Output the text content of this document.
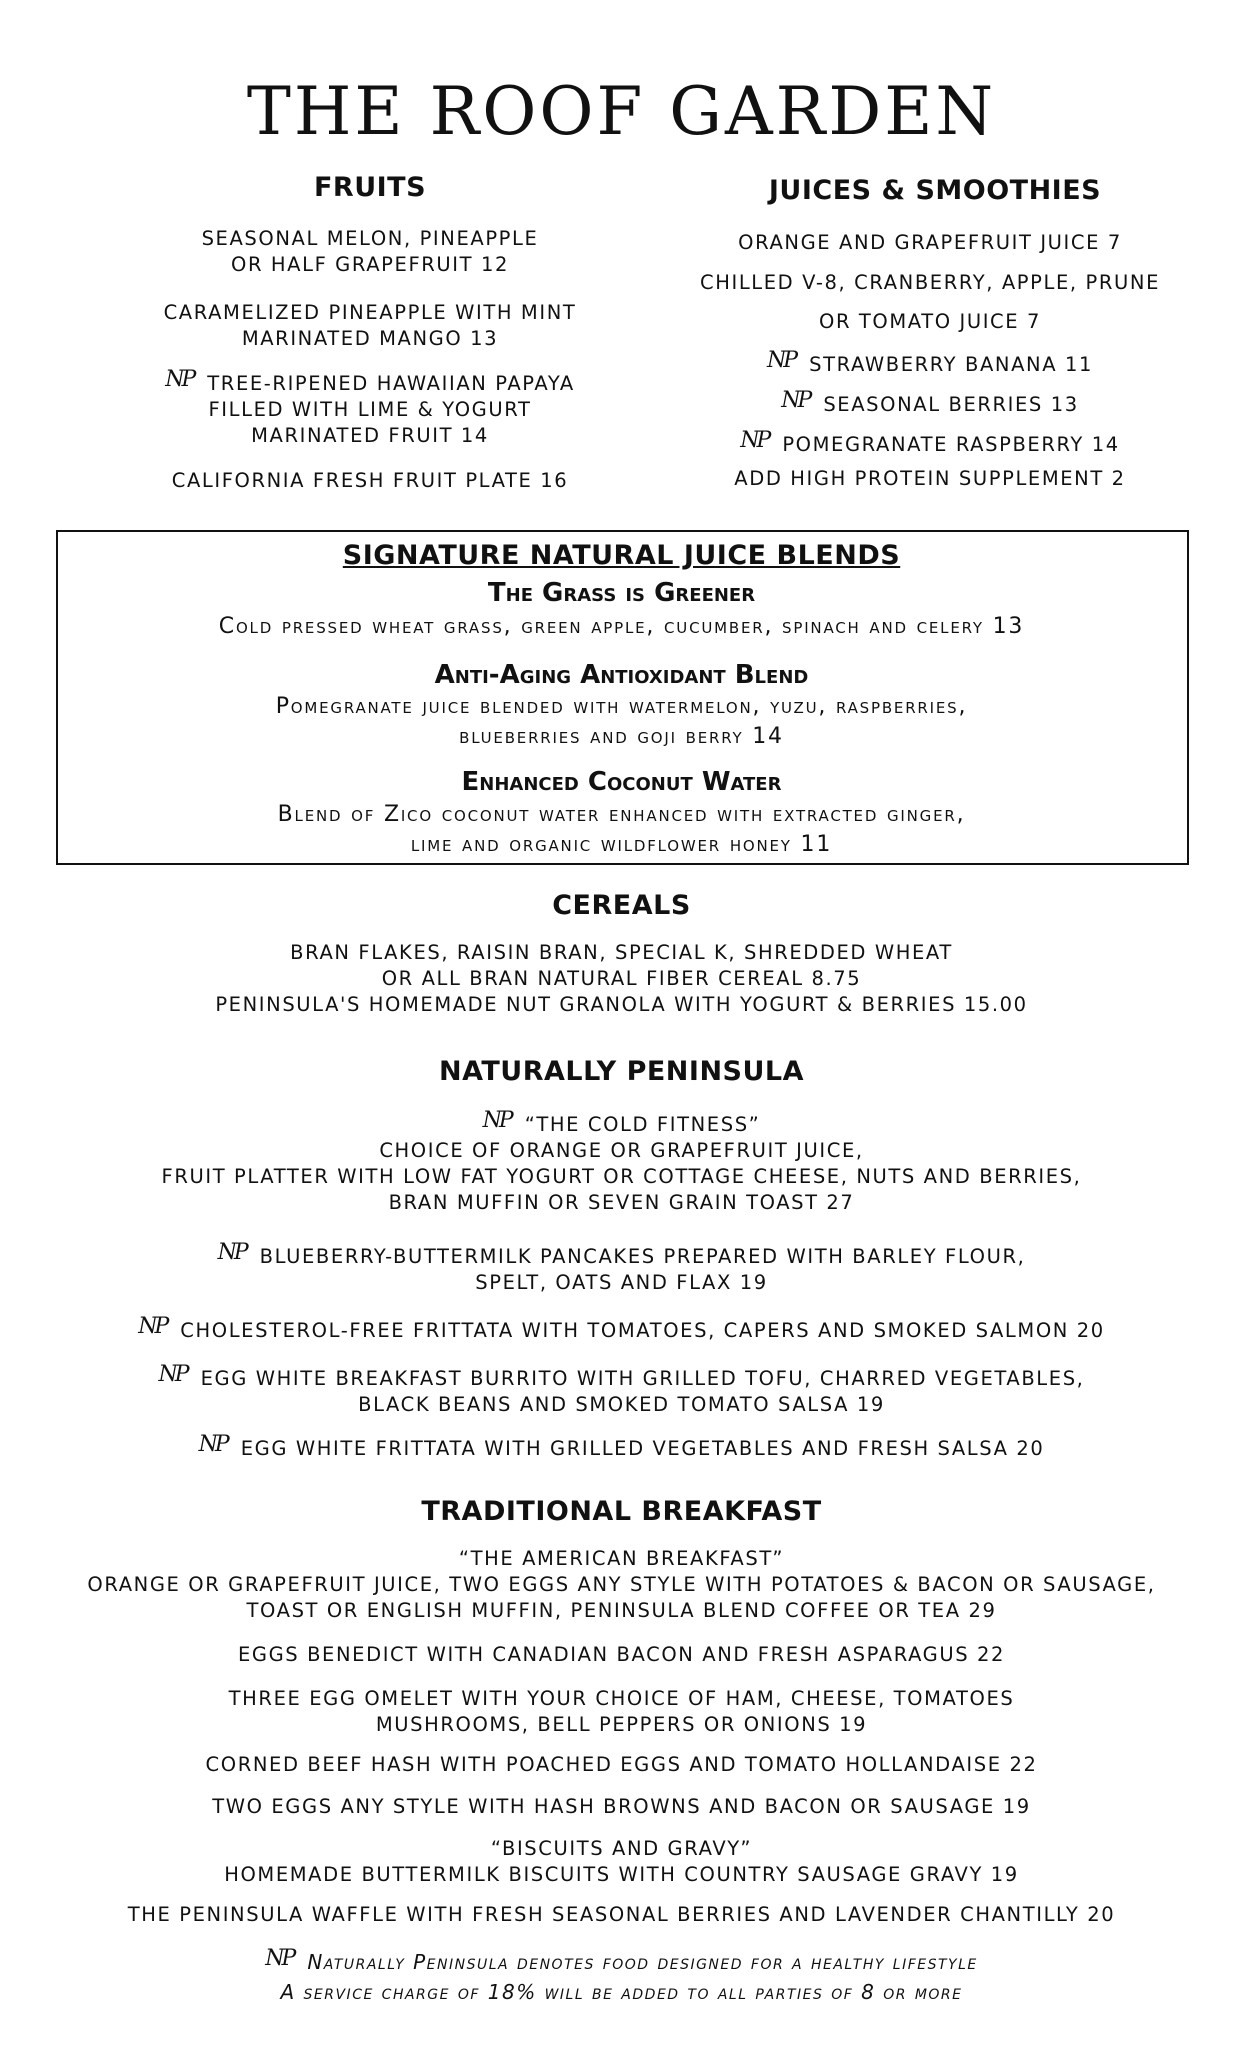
THE ROOF GARDEN
FRUITS
SEASONAL MELON, PINEAPPLE
OR HALF GRAPEFRUIT 12
CARAMELIZED PINEAPPLE WITH MINT
MARINATED MANGO 13
NP TREE-RIPENED HAWAIIAN PAPAYA
FILLED WITH LIME & YOGURT
MARINATED FRUIT 14
CALIFORNIA FRESH FRUIT PLATE 16
JUICES & SMOOTHIES
ORANGE AND GRAPEFRUIT JUICE 7
CHILLED V-8, CRANBERRY, APPLE, PRUNE
OR TOMATO JUICE 7
NP STRAWBERRY BANANA 11
NP SEASONAL BERRIES 13
NP POMEGRANATE RASPBERRY 14
ADD HIGH PROTEIN SUPPLEMENT 2
SIGNATURE NATURAL JUICE BLENDS
The Grass is Greener
Cold pressed wheat grass, green apple, cucumber, spinach and celery 13
Anti-Aging Antioxidant Blend
Pomegranate juice blended with watermelon, yuzu, raspberries,
blueberries and goji berry 14
Enhanced Coconut Water
Blend of Zico coconut water enhanced with extracted ginger,
lime and organic wildflower honey 11
CEREALS
BRAN FLAKES, RAISIN BRAN, SPECIAL K, SHREDDED WHEAT
OR ALL BRAN NATURAL FIBER CEREAL 8.75
PENINSULA'S HOMEMADE NUT GRANOLA WITH YOGURT & BERRIES 15.00
NATURALLY PENINSULA
NP “THE COLD FITNESS”
CHOICE OF ORANGE OR GRAPEFRUIT JUICE,
FRUIT PLATTER WITH LOW FAT YOGURT OR COTTAGE CHEESE, NUTS AND BERRIES,
BRAN MUFFIN OR SEVEN GRAIN TOAST 27
NP BLUEBERRY-BUTTERMILK PANCAKES PREPARED WITH BARLEY FLOUR,
SPELT, OATS AND FLAX 19
NP CHOLESTEROL-FREE FRITTATA WITH TOMATOES, CAPERS AND SMOKED SALMON 20
NP EGG WHITE BREAKFAST BURRITO WITH GRILLED TOFU, CHARRED VEGETABLES,
BLACK BEANS AND SMOKED TOMATO SALSA 19
NP EGG WHITE FRITTATA WITH GRILLED VEGETABLES AND FRESH SALSA 20
TRADITIONAL BREAKFAST
“THE AMERICAN BREAKFAST”
ORANGE OR GRAPEFRUIT JUICE, TWO EGGS ANY STYLE WITH POTATOES & BACON OR SAUSAGE,
TOAST OR ENGLISH MUFFIN, PENINSULA BLEND COFFEE OR TEA 29
EGGS BENEDICT WITH CANADIAN BACON AND FRESH ASPARAGUS 22
THREE EGG OMELET WITH YOUR CHOICE OF HAM, CHEESE, TOMATOES
MUSHROOMS, BELL PEPPERS OR ONIONS 19
CORNED BEEF HASH WITH POACHED EGGS AND TOMATO HOLLANDAISE 22
TWO EGGS ANY STYLE WITH HASH BROWNS AND BACON OR SAUSAGE 19
“BISCUITS AND GRAVY”
HOMEMADE BUTTERMILK BISCUITS WITH COUNTRY SAUSAGE GRAVY 19
THE PENINSULA WAFFLE WITH FRESH SEASONAL BERRIES AND LAVENDER CHANTILLY 20
NP Naturally Peninsula denotes food designed for a healthy lifestyle
A service charge of 18% will be added to all parties of 8 or more
